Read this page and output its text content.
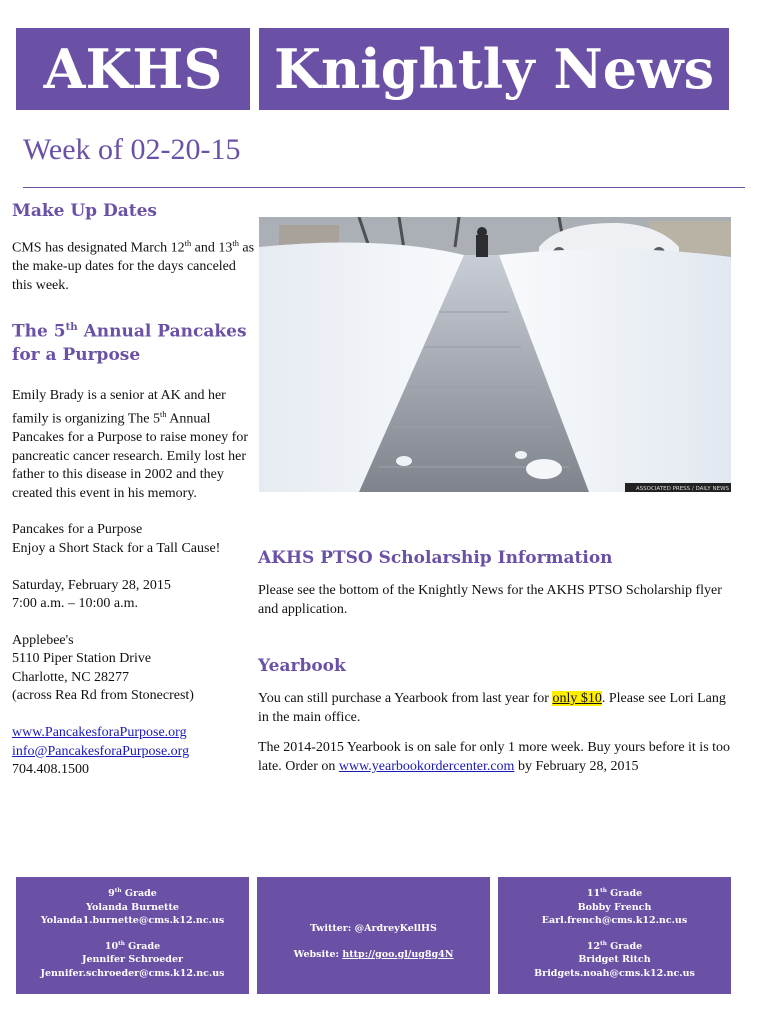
AKHS Knightly News
Week of 02-20-15
Make Up Dates
CMS has designated March 12th and 13th as the make-up dates for the days canceled this week.
The 5th Annual Pancakes for a Purpose
Emily Brady is a senior at AK and her family is organizing The 5th Annual Pancakes for a Purpose to raise money for pancreatic cancer research. Emily lost her father to this disease in 2002 and they created this event in his memory.
Pancakes for a Purpose
Enjoy a Short Stack for a Tall Cause!
Saturday, February 28, 2015
7:00 a.m. – 10:00 a.m.
Applebee's
5110 Piper Station Drive
Charlotte, NC 28277
(across Rea Rd from Stonecrest)
www.PancakesforaPurpose.org
info@PancakesforaPurpose.org
704.408.1500
ASSOCIATED PRESS / DAILY NEWS
AKHS PTSO Scholarship Information
Please see the bottom of the Knightly News for the AKHS PTSO Scholarship flyer and application.
Yearbook
You can still purchase a Yearbook from last year for only $10. Please see Lori Lang in the main office.
The 2014-2015 Yearbook is on sale for only 1 more week. Buy yours before it is too late. Order on www.yearbookordercenter.com by February 28, 2015
9th Grade
Yolanda Burnette
Yolanda1.burnette@cms.k12.nc.us
10th Grade
Jennifer Schroeder
Jennifer.schroeder@cms.k12.nc.us
Twitter: @ArdreyKellHS
Website: http://goo.gl/ug8g4N
11th Grade
Bobby French
Earl.french@cms.k12.nc.us
12th Grade
Bridget Ritch
Bridgets.noah@cms.k12.nc.us
